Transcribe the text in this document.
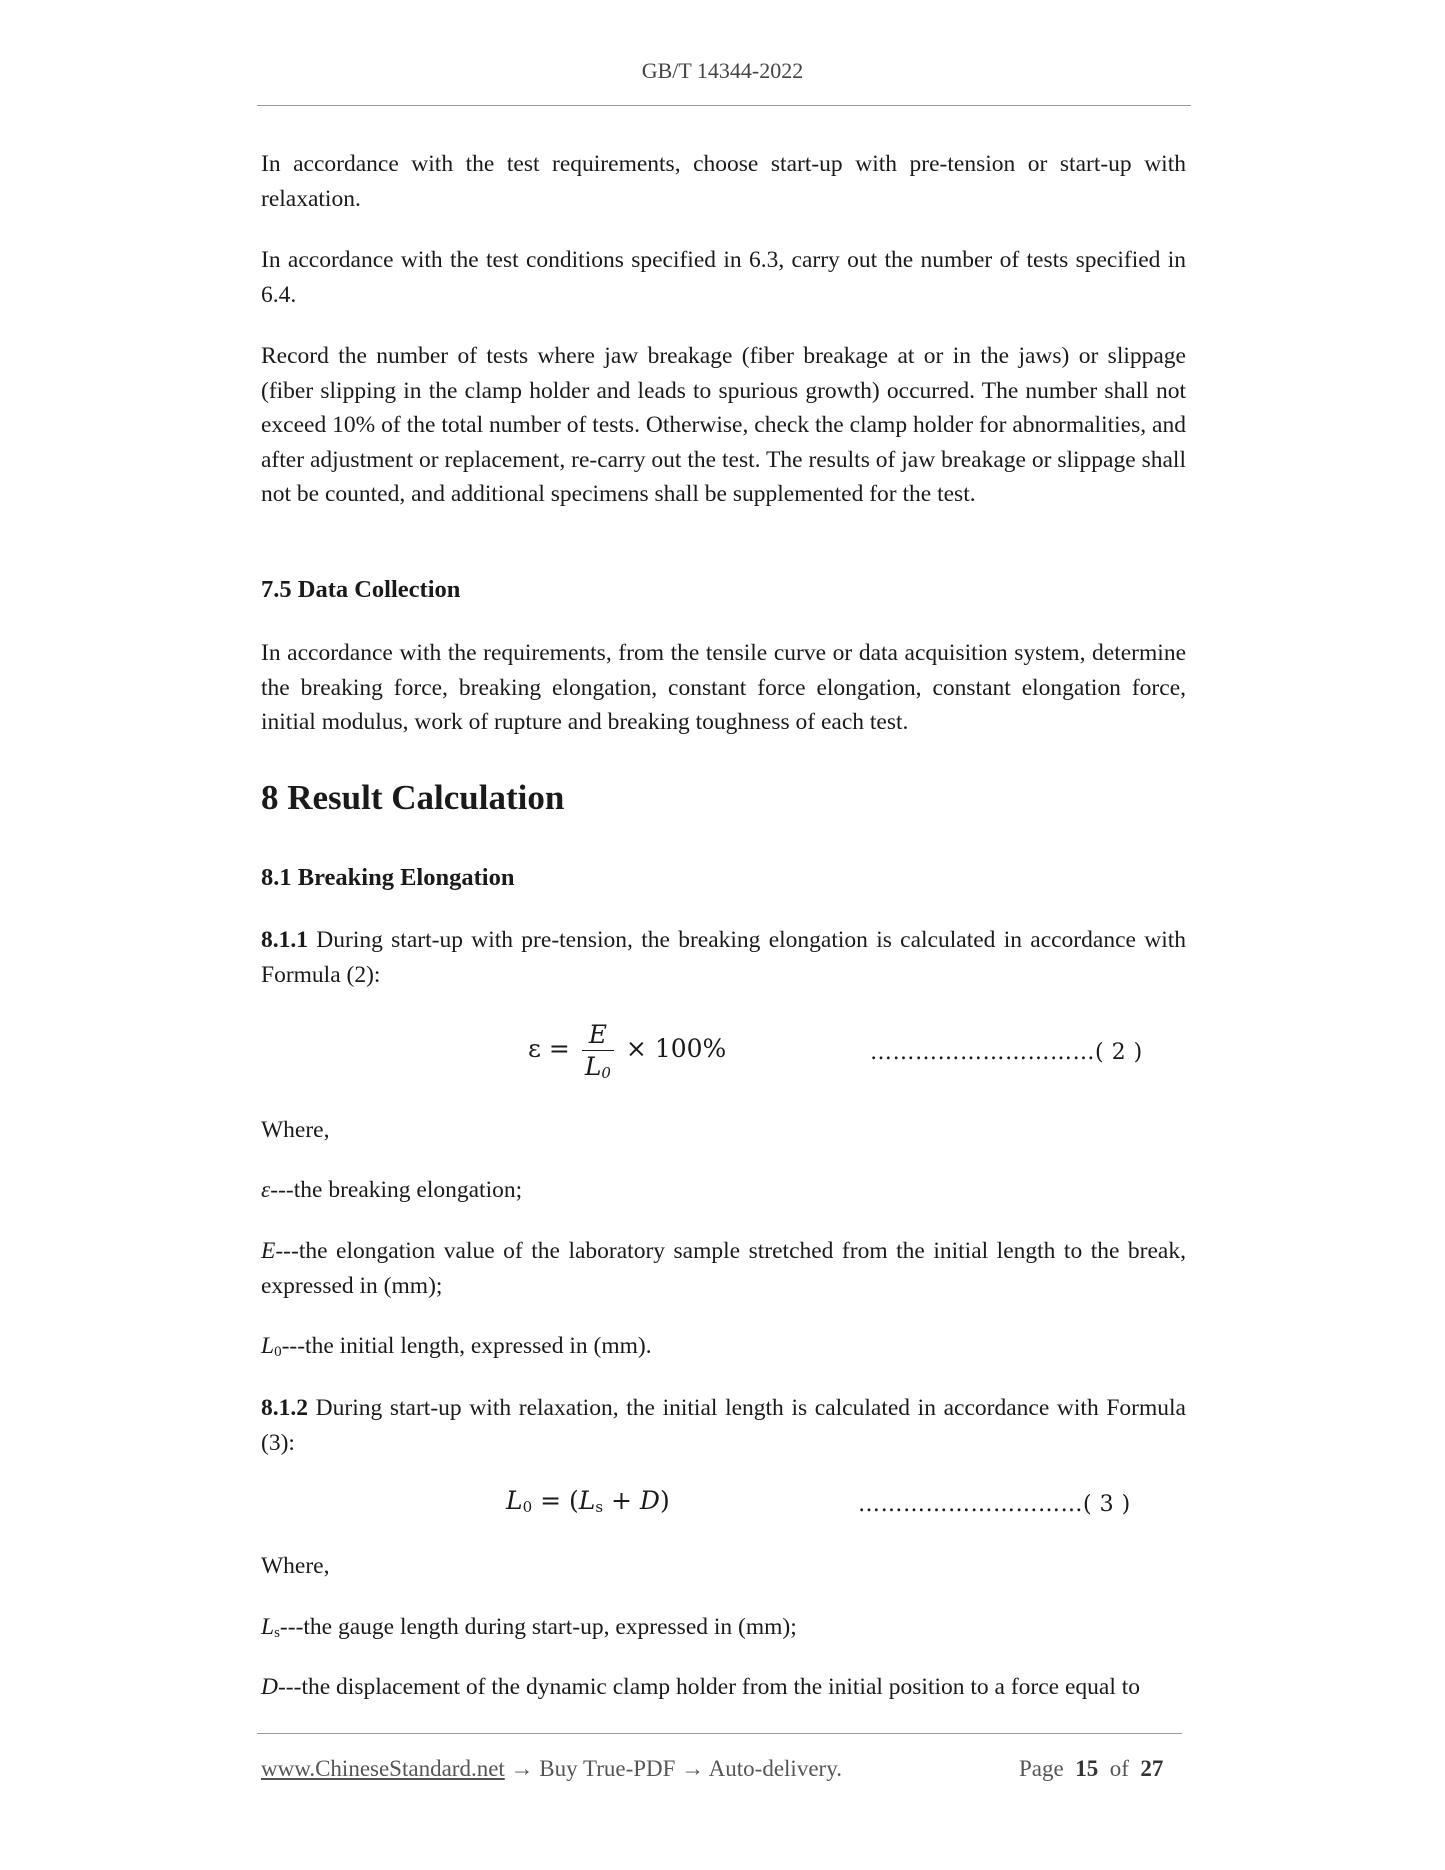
GB/T 14344-2022

In accordance with the test requirements, choose start-up with pre-tension or start-up with relaxation.

In accordance with the test conditions specified in 6.3, carry out the number of tests specified in 6.4.

Record the number of tests where jaw breakage (fiber breakage at or in the jaws) or slippage (fiber slipping in the clamp holder and leads to spurious growth) occurred. The number shall not exceed 10% of the total number of tests. Otherwise, check the clamp holder for abnormalities, and after adjustment or replacement, re-carry out the test. The results of jaw breakage or slippage shall not be counted, and additional specimens shall be supplemented for the test.

7.5 Data Collection

In accordance with the requirements, from the tensile curve or data acquisition system, determine the breaking force, breaking elongation, constant force elongation, constant elongation force, initial modulus, work of rupture and breaking toughness of each test.

8 Result Calculation
8.1 Breaking Elongation

8.1.1 During start-up with pre-tension, the breaking elongation is calculated in accordance with Formula (2):

$\varepsilon = \frac{E}{L_0} \times 100\%$	…………………………( 2 )

Where,

ε---the breaking elongation;

E---the elongation value of the laboratory sample stretched from the initial length to the break, expressed in (mm);

$L_0--$-the initial length, expressed in (mm).

8.1.2 During start-up with relaxation, the initial length is calculated in accordance with Formula (3):

$L_0 = (L_s + D)$	…………………………( 3 )

Where,

$L_s--$-the gauge length during start-up, expressed in (mm);

D---the displacement of the dynamic clamp holder from the initial position to a force equal to

www.ChineseStandard.net → Buy True-PDF → Auto-delivery.	Page 15 of 27
